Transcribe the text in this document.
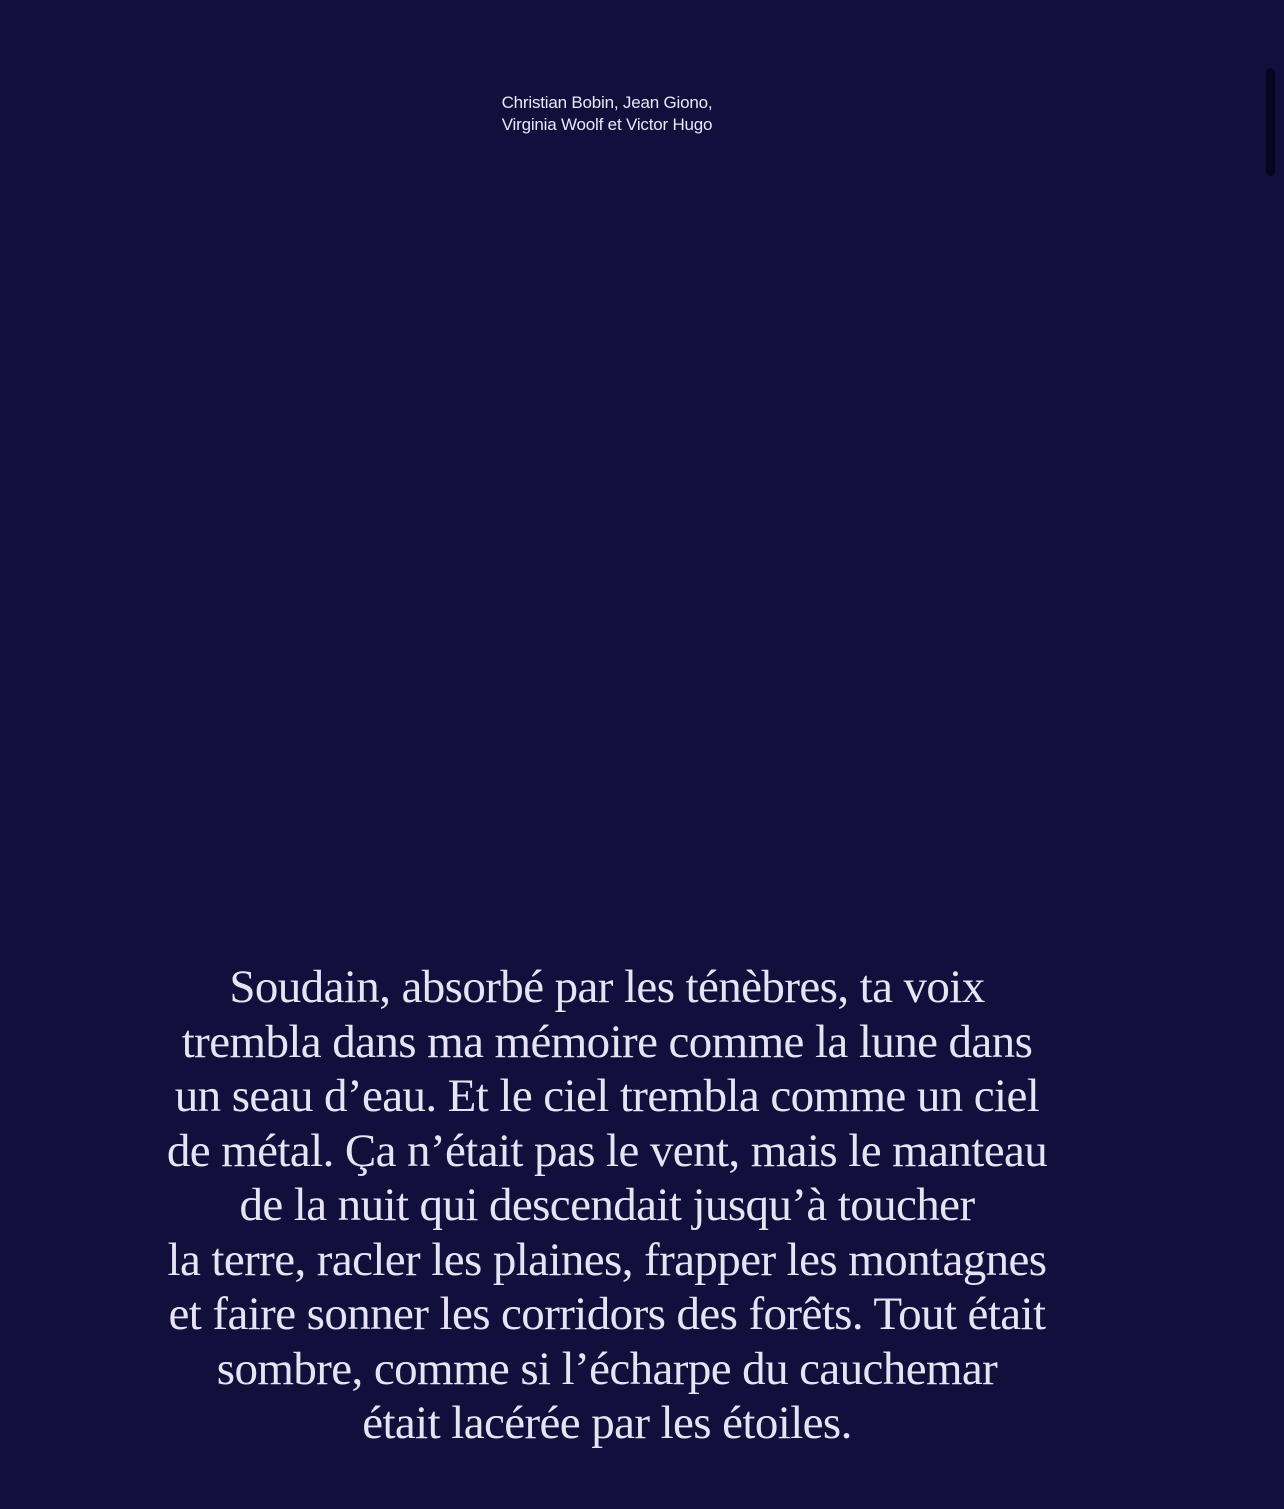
Christian Bobin, Jean Giono,
Virginia Woolf et Victor Hugo
Soudain, absorbé par les ténèbres, ta voix
trembla dans ma mémoire comme la lune dans
un seau d’eau. Et le ciel trembla comme un ciel
de métal. Ça n’était pas le vent, mais le manteau
de la nuit qui descendait jusqu’à toucher
la terre, racler les plaines, frapper les montagnes
et faire sonner les corridors des forêts. Tout était
sombre, comme si l’écharpe du cauchemar
était lacérée par les étoiles.
